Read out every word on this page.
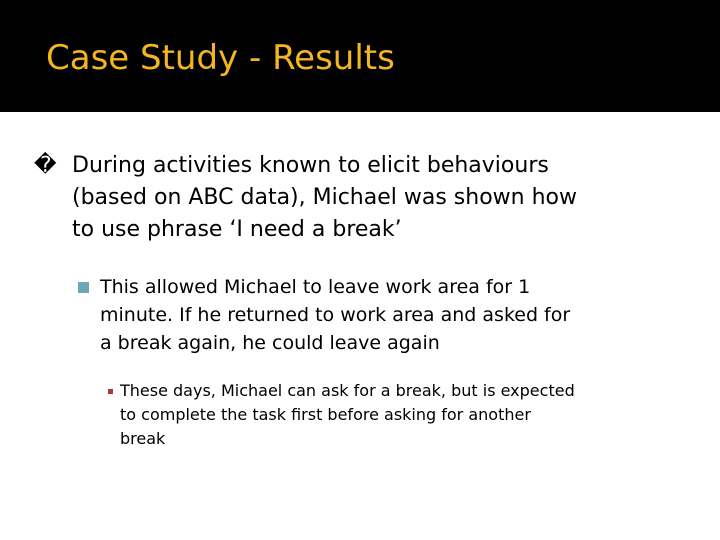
Case Study - Results
� During activities known to elicit behaviours
(based on ABC data), Michael was shown how
to use phrase ‘I need a break’
This allowed Michael to leave work area for 1
minute. If he returned to work area and asked for
a break again, he could leave again
These days, Michael can ask for a break, but is expected
to complete the task first before asking for another
break
